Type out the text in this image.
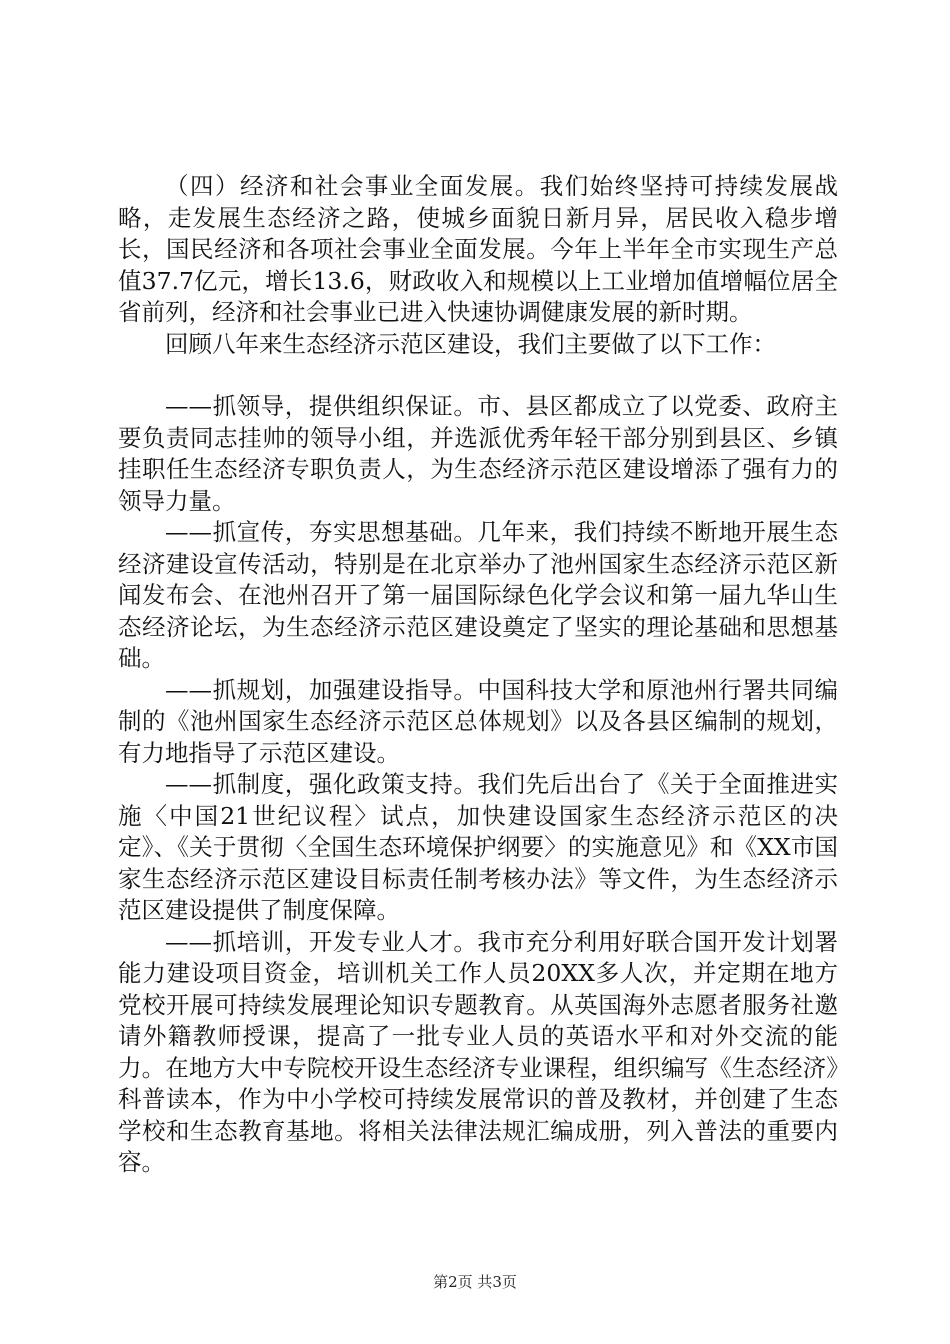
（四）经济和社会事业全面发展。我们始终坚持可持续发展战略，走发展生态经济之路，使城乡面貌日新月异，居民收入稳步增长，国民经济和各项社会事业全面发展。今年上半年全市实现生产总值37.7亿元，增长13.6，财政收入和规模以上工业增加值增幅位居全省前列，经济和社会事业已进入快速协调健康发展的新时期。

回顾八年来生态经济示范区建设，我们主要做了以下工作：

——抓领导，提供组织保证。市、县区都成立了以党委、政府主要负责同志挂帅的领导小组，并选派优秀年轻干部分别到县区、乡镇挂职任生态经济专职负责人，为生态经济示范区建设增添了强有力的领导力量。

——抓宣传，夯实思想基础。几年来，我们持续不断地开展生态经济建设宣传活动，特别是在北京举办了池州国家生态经济示范区新闻发布会、在池州召开了第一届国际绿色化学会议和第一届九华山生态经济论坛，为生态经济示范区建设奠定了坚实的理论基础和思想基础。

——抓规划，加强建设指导。中国科技大学和原池州行署共同编制的《池州国家生态经济示范区总体规划》以及各县区编制的规划，有力地指导了示范区建设。

——抓制度，强化政策支持。我们先后出台了《关于全面推进实施〈中国21世纪议程〉试点，加快建设国家生态经济示范区的决定》、《关于贯彻〈全国生态环境保护纲要〉的实施意见》和《XX市国家生态经济示范区建设目标责任制考核办法》等文件，为生态经济示范区建设提供了制度保障。

——抓培训，开发专业人才。我市充分利用好联合国开发计划署能力建设项目资金，培训机关工作人员20XX多人次，并定期在地方党校开展可持续发展理论知识专题教育。从英国海外志愿者服务社邀请外籍教师授课，提高了一批专业人员的英语水平和对外交流的能力。在地方大中专院校开设生态经济专业课程，组织编写《生态经济》科普读本，作为中小学校可持续发展常识的普及教材，并创建了生态学校和生态教育基地。将相关法律法规汇编成册，列入普法的重要内容。

第2页 共3页
